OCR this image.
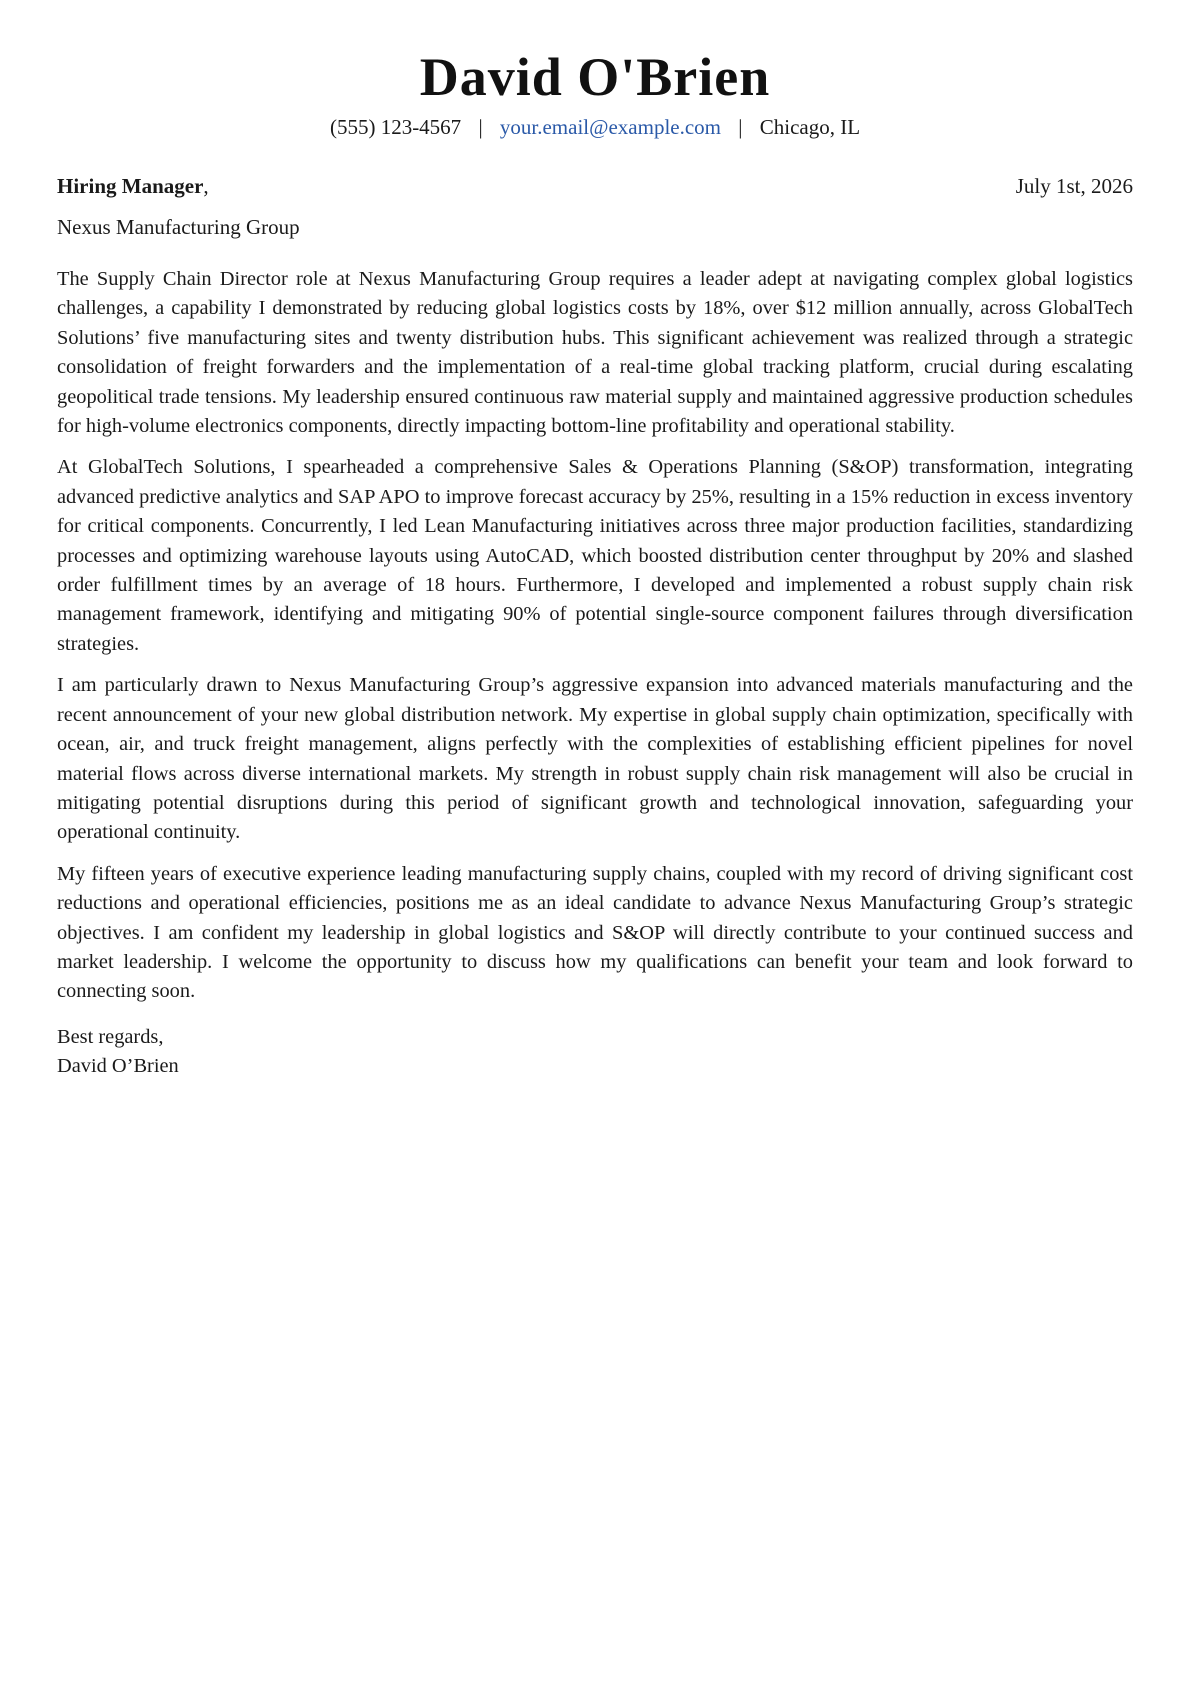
David O'Brien
(555) 123-4567 | your.email@example.com | Chicago, IL
Hiring Manager,	July 1st, 2026
Nexus Manufacturing Group

The Supply Chain Director role at Nexus Manufacturing Group requires a leader adept at navigating complex global logistics challenges, a capability I demonstrated by reducing global logistics costs by 18%, over $12 million annually, across GlobalTech Solutions’ five manufacturing sites and twenty distribution hubs. This significant achievement was realized through a strategic consolidation of freight forwarders and the implementation of a real-time global tracking platform, crucial during escalating geopolitical trade tensions. My leadership ensured continuous raw material supply and maintained aggressive production schedules for high-volume electronics components, directly impacting bottom-line profitability and operational stability.

At GlobalTech Solutions, I spearheaded a comprehensive Sales & Operations Planning (S&OP) transformation, integrating advanced predictive analytics and SAP APO to improve forecast accuracy by 25%, resulting in a 15% reduction in excess inventory for critical components. Concurrently, I led Lean Manufacturing initiatives across three major production facilities, standardizing processes and optimizing warehouse layouts using AutoCAD, which boosted distribution center throughput by 20% and slashed order fulfillment times by an average of 18 hours. Furthermore, I developed and implemented a robust supply chain risk management framework, identifying and mitigating 90% of potential single-source component failures through diversification strategies.

I am particularly drawn to Nexus Manufacturing Group’s aggressive expansion into advanced materials manufacturing and the recent announcement of your new global distribution network. My expertise in global supply chain optimization, specifically with ocean, air, and truck freight management, aligns perfectly with the complexities of establishing efficient pipelines for novel material flows across diverse international markets. My strength in robust supply chain risk management will also be crucial in mitigating potential disruptions during this period of significant growth and technological innovation, safeguarding your operational continuity.

My fifteen years of executive experience leading manufacturing supply chains, coupled with my record of driving significant cost reductions and operational efficiencies, positions me as an ideal candidate to advance Nexus Manufacturing Group’s strategic objectives. I am confident my leadership in global logistics and S&OP will directly contribute to your continued success and market leadership. I welcome the opportunity to discuss how my qualifications can benefit your team and look forward to connecting soon.

Best regards,
David O’Brien
